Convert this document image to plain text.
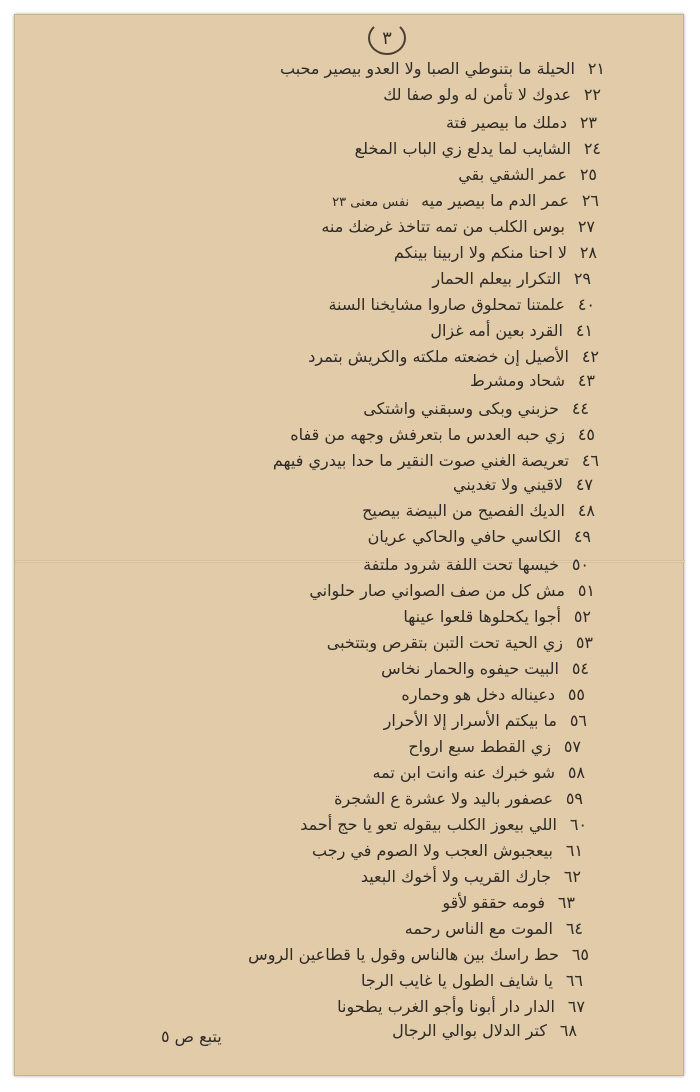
٣
٢١الحيلة ما بتنوطي الصبا ولا العدو بيصير محبب
٢٢عدوك لا تأمن له ولو صفا لك
٢٣دملك ما بيصير فتة
٢٤الشايب لما يدلع زي الباب المخلع
٢٥عمر الشقي بقي
٢٦عمر الدم ما بيصير ميهنفس معنى ٢٣
٢٧بوس الكلب من تمه تتاخذ غرضك منه
٢٨لا احنا منكم ولا اربينا بينكم
٢٩التكرار بيعلم الحمار
٤٠علمتنا تمحلوق صاروا مشايخنا السنة
٤١القرد بعين أمه غزال
٤٢الأصيل إن خضعته ملكته والكريش بتمرد
٤٣شحاد ومشرط
٤٤حزبني وبكى وسبقني واشتكى
٤٥زي حبه العدس ما بتعرفش وجهه من قفاه
٤٦تعريصة الغني صوت النقير ما حدا بيدري فيهم
٤٧لاقيني ولا تغديني
٤٨الديك الفصيح من البيضة بيصيح
٤٩الكاسي حافي والحاكي عريان
٥٠خيسها تحت اللفة شرود ملتفة
٥١مش كل من صف الصواني صار حلواني
٥٢أجوا يكحلوها قلعوا عينها
٥٣زي الحية تحت التبن بتقرص وبتتخبى
٥٤البيت حيفوه والحمار نخاس
٥٥دعيناله دخل هو وحماره
٥٦ما بيكتم الأسرار إلا الأحرار
٥٧زي القطط سبع ارواح
٥٨شو خبرك عنه وانت ابن تمه
٥٩عصفور باليد ولا عشرة ع الشجرة
٦٠اللي بيعوز الكلب بيقوله تعو يا حج أحمد
٦١بيعجبوش العجب ولا الصوم في رجب
٦٢جارك القريب ولا أخوك البعيد
٦٣فومه حققو لأقو
٦٤الموت مع الناس رحمه
٦٥حط راسك بين هالناس وقول يا قطاعين الروس
٦٦يا شايف الطول يا غايب الرجا
٦٧الدار دار أبونا وأجو الغرب يطحونا
٦٨كتر الدلال بوالي الرجال
يتبع ص ٥
